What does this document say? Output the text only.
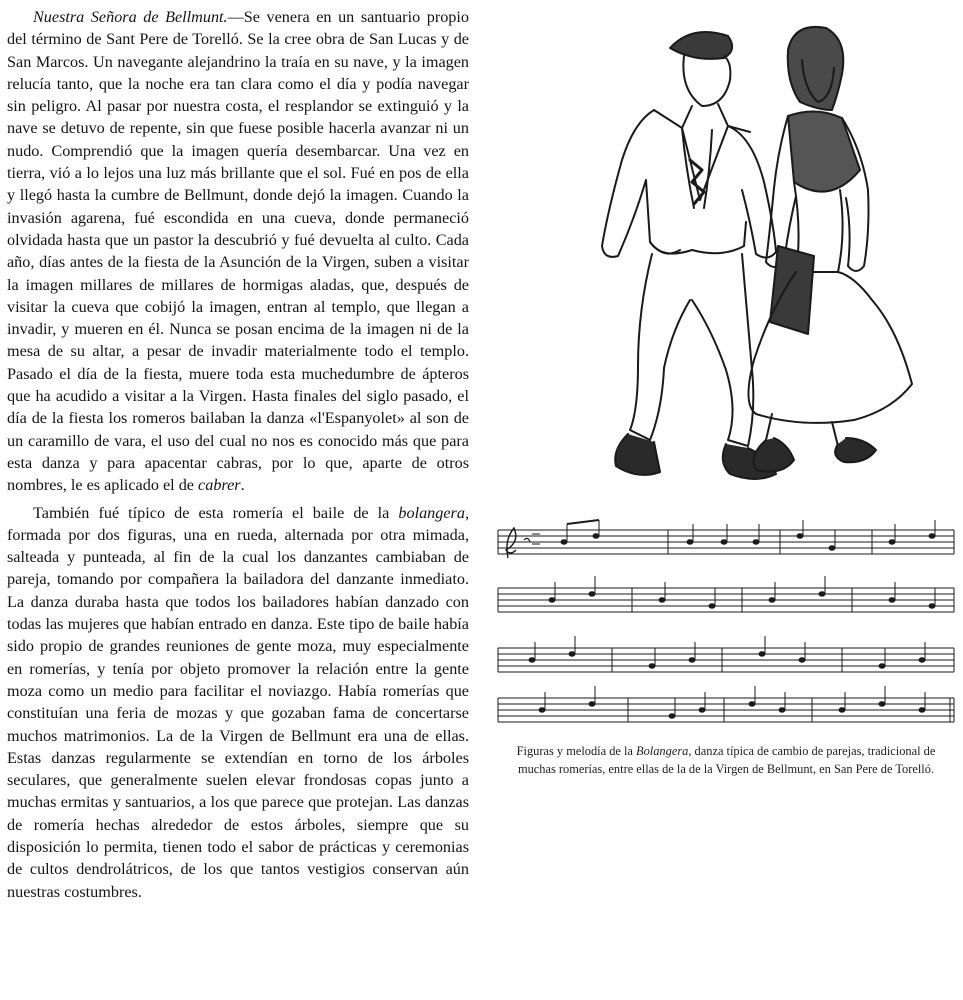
Nuestra Señora de Bellmunt.—Se venera en un santuario propio del término de Sant Pere de Torelló. Se la cree obra de San Lucas y de San Marcos. Un navegante alejandrino la traía en su nave, y la imagen relucía tanto, que la noche era tan clara como el día y podía navegar sin peligro. Al pasar por nuestra costa, el resplandor se extinguió y la nave se detuvo de repente, sin que fuese posible hacerla avanzar ni un nudo. Comprendió que la imagen quería desembarcar. Una vez en tierra, vió a lo lejos una luz más brillante que el sol. Fué en pos de ella y llegó hasta la cumbre de Bellmunt, donde dejó la imagen. Cuando la invasión agarena, fué escondida en una cueva, donde permaneció olvidada hasta que un pastor la descubrió y fué devuelta al culto. Cada año, días antes de la fiesta de la Asunción de la Virgen, suben a visitar la imagen millares de millares de hormigas aladas, que, después de visitar la cueva que cobijó la imagen, entran al templo, que llegan a invadir, y mueren en él. Nunca se posan encima de la imagen ni de la mesa de su altar, a pesar de invadir materialmente todo el templo. Pasado el día de la fiesta, muere toda esta muchedumbre de ápteros que ha acudido a visitar a la Virgen. Hasta finales del siglo pasado, el día de la fiesta los romeros bailaban la danza «l'Espanyolet» al son de un caramillo de vara, el uso del cual no nos es conocido más que para esta danza y para apacentar cabras, por lo que, aparte de otros nombres, le es aplicado el de cabrer.

También fué típico de esta romería el baile de la bolangera, formada por dos figuras, una en rueda, alternada por otra mimada, salteada y punteada, al fin de la cual los danzantes cambiaban de pareja, tomando por compañera la bailadora del danzante inmediato. La danza duraba hasta que todos los bailadores habían danzado con todas las mujeres que habían entrado en danza. Este tipo de baile había sido propio de grandes reuniones de gente moza, muy especialmente en romerías, y tenía por objeto promover la relación entre la gente moza como un medio para facilitar el noviazgo. Había romerías que constituían una feria de mozas y que gozaban fama de concertarse muchos matrimonios. La de la Virgen de Bellmunt era una de ellas. Estas danzas regularmente se extendían en torno de los árboles seculares, que generalmente suelen elevar frondosas copas junto a muchas ermitas y santuarios, a los que parece que protejan. Las danzas de romería hechas alrededor de estos árboles, siempre que su disposición lo permita, tienen todo el sabor de prácticas y ceremonias de cultos dendrolátricos, de los que tantos vestigios conservan aún nuestras costumbres.

Figuras y melodía de la Bolangera, danza típica de cambio de parejas, tradicional de muchas romerías, entre ellas de la de la Virgen de Bellmunt, en San Pere de Torelló.
